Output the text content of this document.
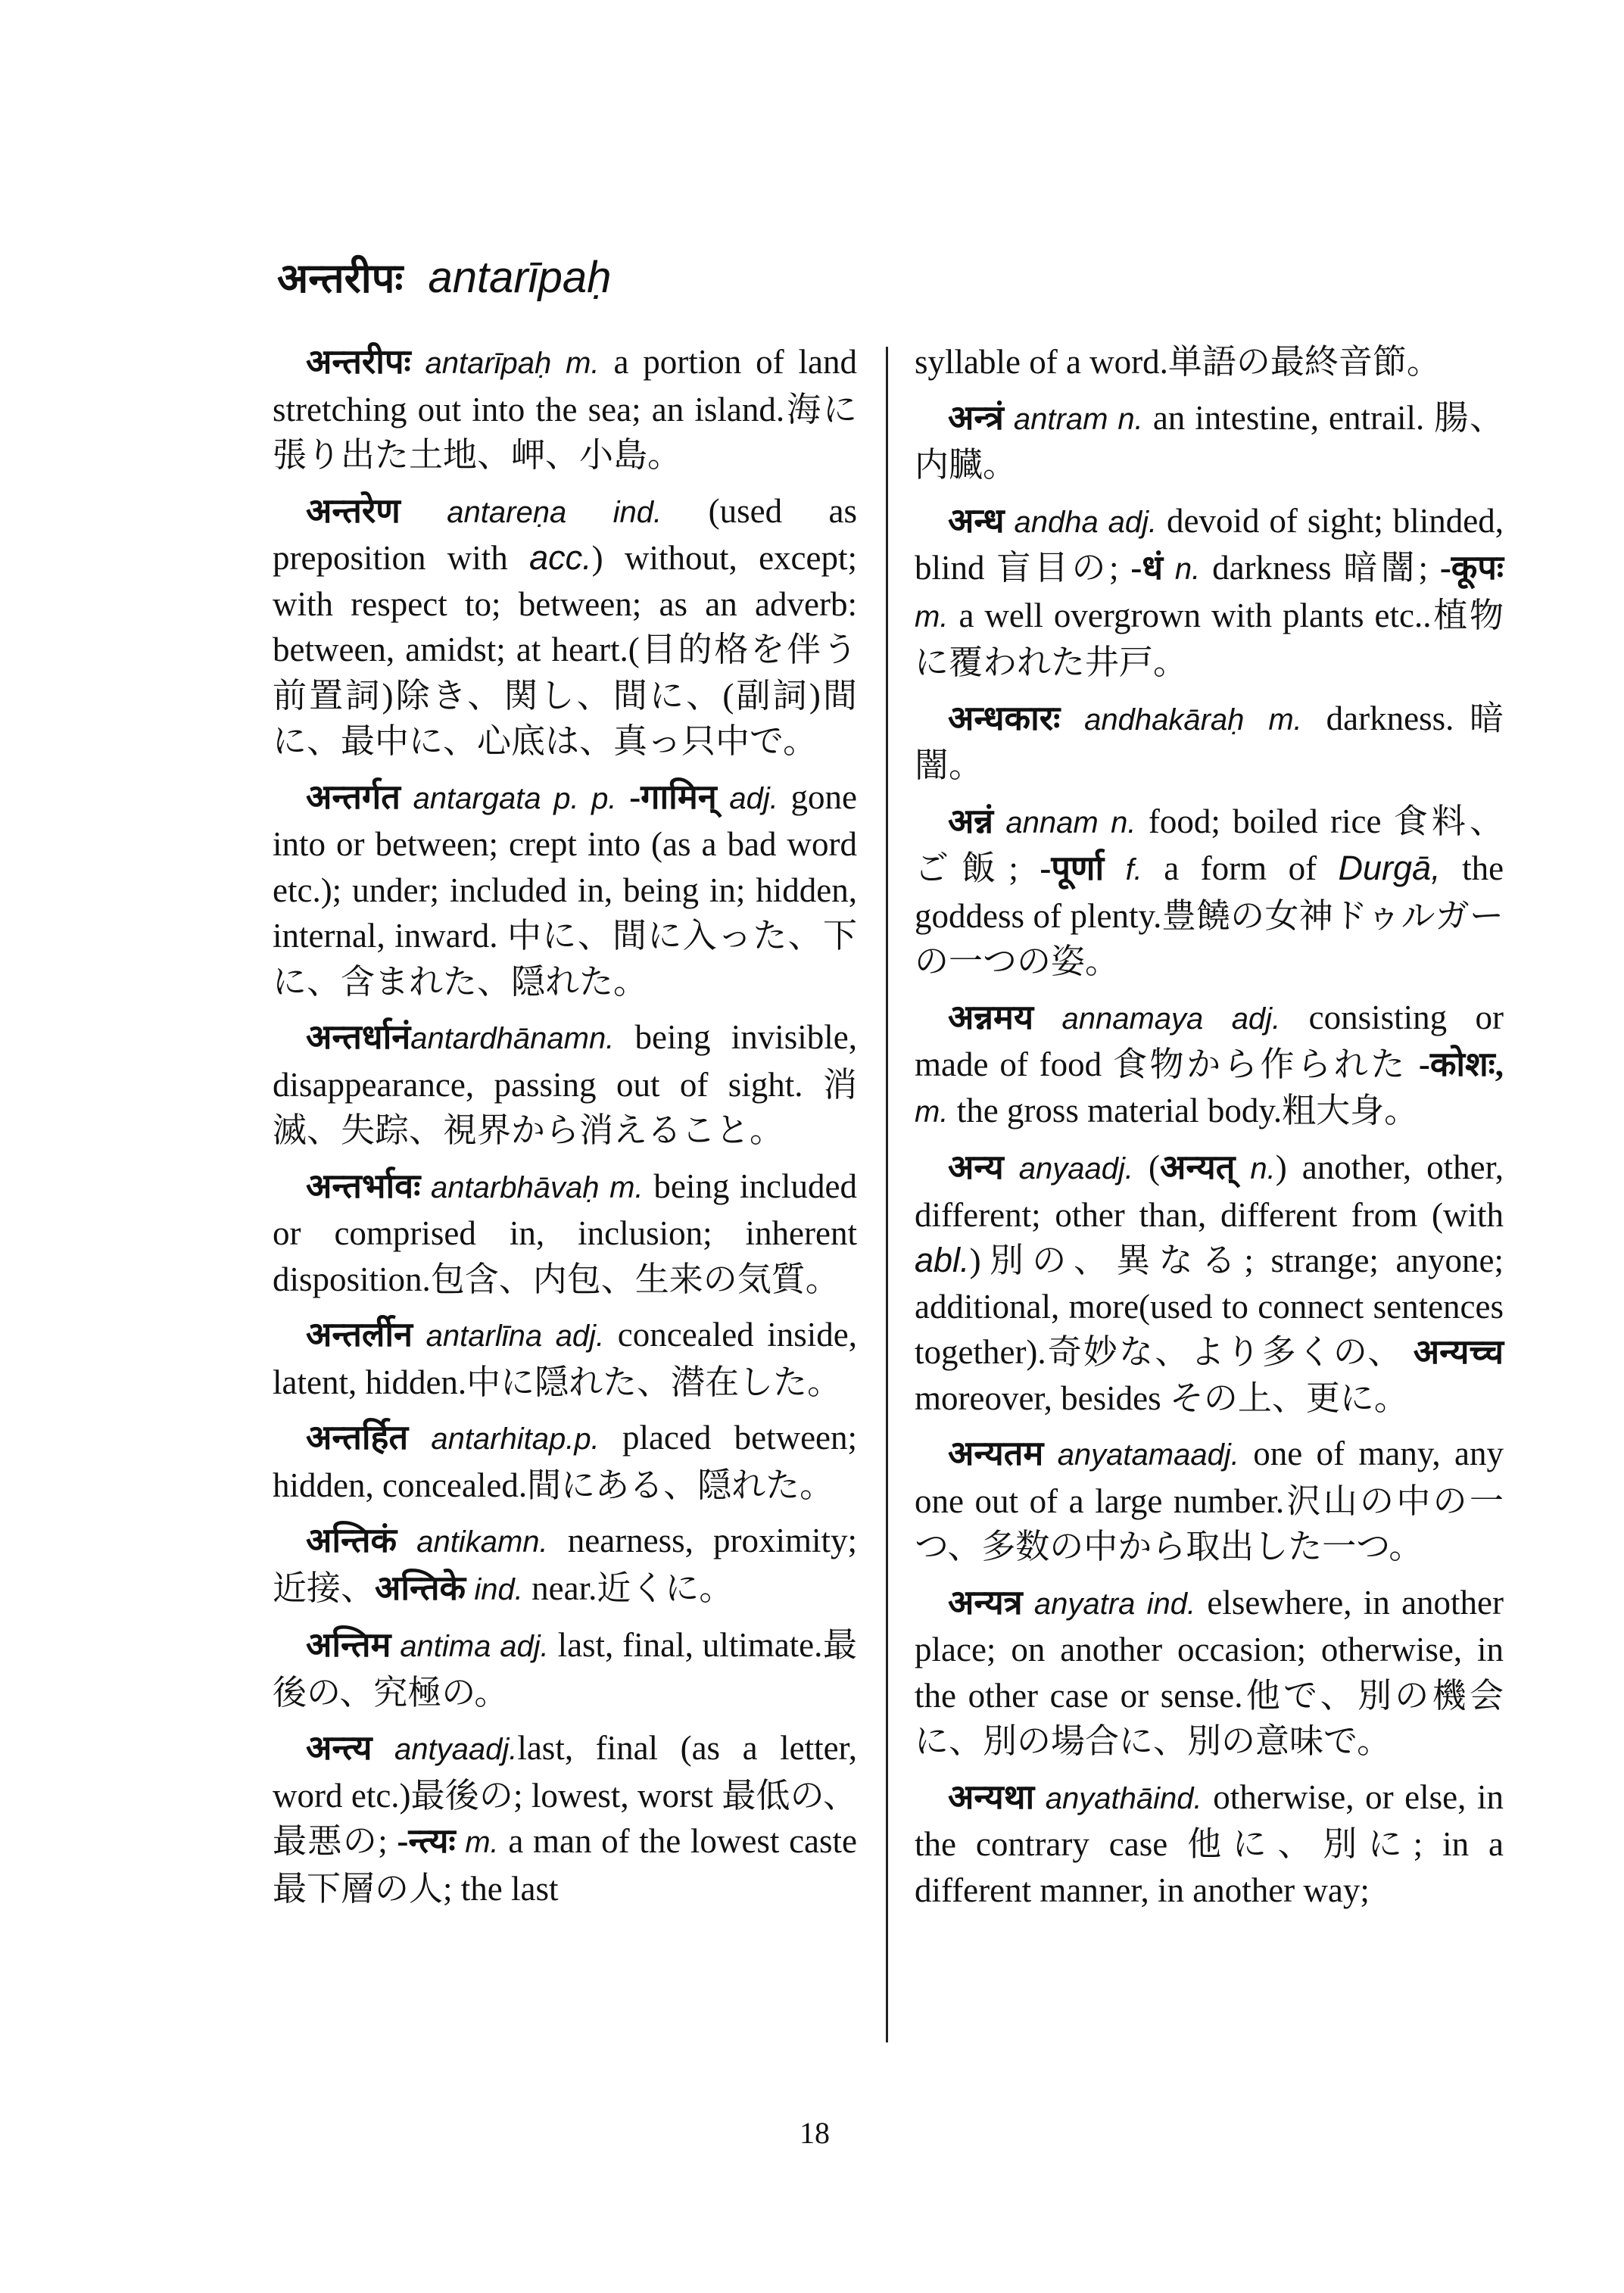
अन्तरीपः antarīpaḥ

अन्तरीपः antarīpaḥ m. a portion of land stretching out into the sea; an island.海に張り出た土地、岬、小島。

अन्तरेण antareṇa ind. (used as preposition with acc.) without, except; with respect to; between; as an adverb: between, amidst; at heart.(目的格を伴う前置詞)除き、関し、間に、(副詞)間に、最中に、心底は、真っ只中で。

अन्तर्गत antargata p. p. -गामिन् adj. gone into or between; crept into (as a bad word etc.); under; included in, being in; hidden, internal, inward. 中に、間に入った、下に、含まれた、隠れた。

अन्तर्धानंantardhānamn. being invisible, disappearance, passing out of sight. 消滅、失踪、視界から消えること。

अन्तर्भावः antarbhāvaḥ m. being included or comprised in, inclusion; inherent disposition.包含、内包、生来の気質。

अन्तर्लीन antarlīna adj. concealed inside, latent, hidden.中に隠れた、潜在した。

अन्तर्हित antarhitap.p. placed between; hidden, concealed.間にある、隠れた。

अन्तिकं antikamn. nearness, proximity;近接、अन्तिके ind. near.近くに。

अन्तिम antima adj. last, final, ultimate.最後の、究極の。

अन्त्य antyaadj.last, final (as a letter, word etc.)最後の; lowest, worst 最低の、最悪の; -न्त्यः m. a man of the lowest caste 最下層の人; the last

syllable of a word.単語の最終音節。

अन्त्रं antram n. an intestine, entrail. 腸、内臓。

अन्ध andha adj. devoid of sight; blinded, blind 盲目の; -धं n. darkness 暗闇; -कूपः m. a well overgrown with plants etc..植物に覆われた井戸。

अन्धकारः andhakāraḥ m. darkness.暗闇。

अन्नं annam n. food; boiled rice 食料、ご飯; -पूर्णा f. a form of Durgā, the goddess of plenty.豊饒の女神ドゥルガーの一つの姿。

अन्नमय annamaya adj. consisting or made of food 食物から作られた -कोशः, m. the gross material body.粗大身。

अन्य anyaadj. (अन्यत् n.) another, other, different; other than, different from (with abl.)別の、異なる; strange; anyone; additional, more(used to connect sentences together).奇妙な、より多くの、 अन्यच्च moreover, besides その上、更に。

अन्यतम anyatamaadj. one of many, any one out of a large number.沢山の中の一つ、多数の中から取出した一つ。

अन्यत्र anyatra ind. elsewhere, in another place; on another occasion; otherwise, in the other case or sense.他で、別の機会に、別の場合に、別の意味で。

अन्यथा anyathāind. otherwise, or else, in the contrary case 他に、別に; in a different manner, in another way;

18
